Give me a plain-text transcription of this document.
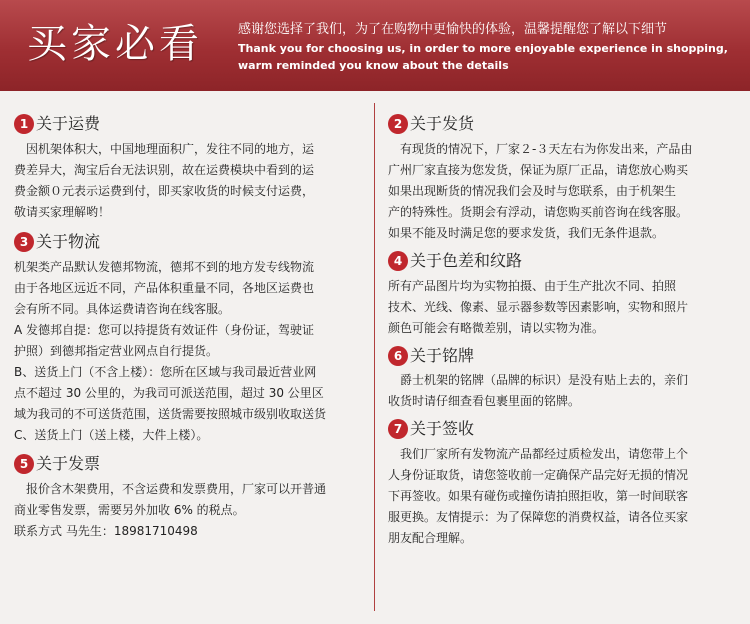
买家必看	感谢您选择了我们，为了在购物中更愉快的体验，温馨提醒您了解以下细节
Thank you for choosing us, in order to more enjoyable experience in shopping,
warm reminded you know about the details
1 关于运费

　因机架体积大，中国地理面积广，发往不同的地方，运

费差异大，淘宝后台无法识别，故在运费模块中看到的运

费金额０元表示运费到付，即买家收货的时候支付运费，

敬请买家理解哟！

3 关于物流

机架类产品默认发德邦物流，德邦不到的地方发专线物流

由于各地区远近不同，产品体积重量不同，各地区运费也

会有所不同。具体运费请咨询在线客服。

A 发德邦自提：您可以持提货有效证件（身份证，驾驶证

护照）到德邦指定营业网点自行提货。

B、送货上门（不含上楼）：您所在区域与我司最近营业网

点不超过 30 公里的，为我司可派送范围，超过 30 公里区

域为我司的不可送货范围，送货需要按照城市级别收取送货

C、送货上门（送上楼，大件上楼）。

5 关于发票

　报价含木架费用，不含运费和发票费用，厂家可以开普通

商业零售发票，需要另外加收 6% 的税点。

联系方式 马先生：18981710498

2 关于发货

　有现货的情况下，厂家２-３天左右为你发出来，产品由

广州厂家直接为您发货，保证为原厂正品，请您放心购买

如果出现断货的情况我们会及时与您联系，由于机架生

产的特殊性。货期会有浮动，请您购买前咨询在线客服。

如果不能及时满足您的要求发货，我们无条件退款。

4 关于色差和纹路

所有产品图片均为实物拍摄、由于生产批次不同、拍照

技术、光线、像素、显示器参数等因素影响，实物和照片

颜色可能会有略微差别，请以实物为准。

6 关于铭牌

　爵士机架的铭牌（品牌的标识）是没有贴上去的，亲们

收货时请仔细查看包裹里面的铭牌。

7 关于签收

　我们厂家所有发物流产品都经过质检发出，请您带上个

人身份证取货，请您签收前一定确保产品完好无损的情况

下再签收。如果有碰伤或撞伤请拍照拒收，第一时间联客

服更换。友情提示：为了保障您的消费权益，请各位买家

朋友配合理解。
